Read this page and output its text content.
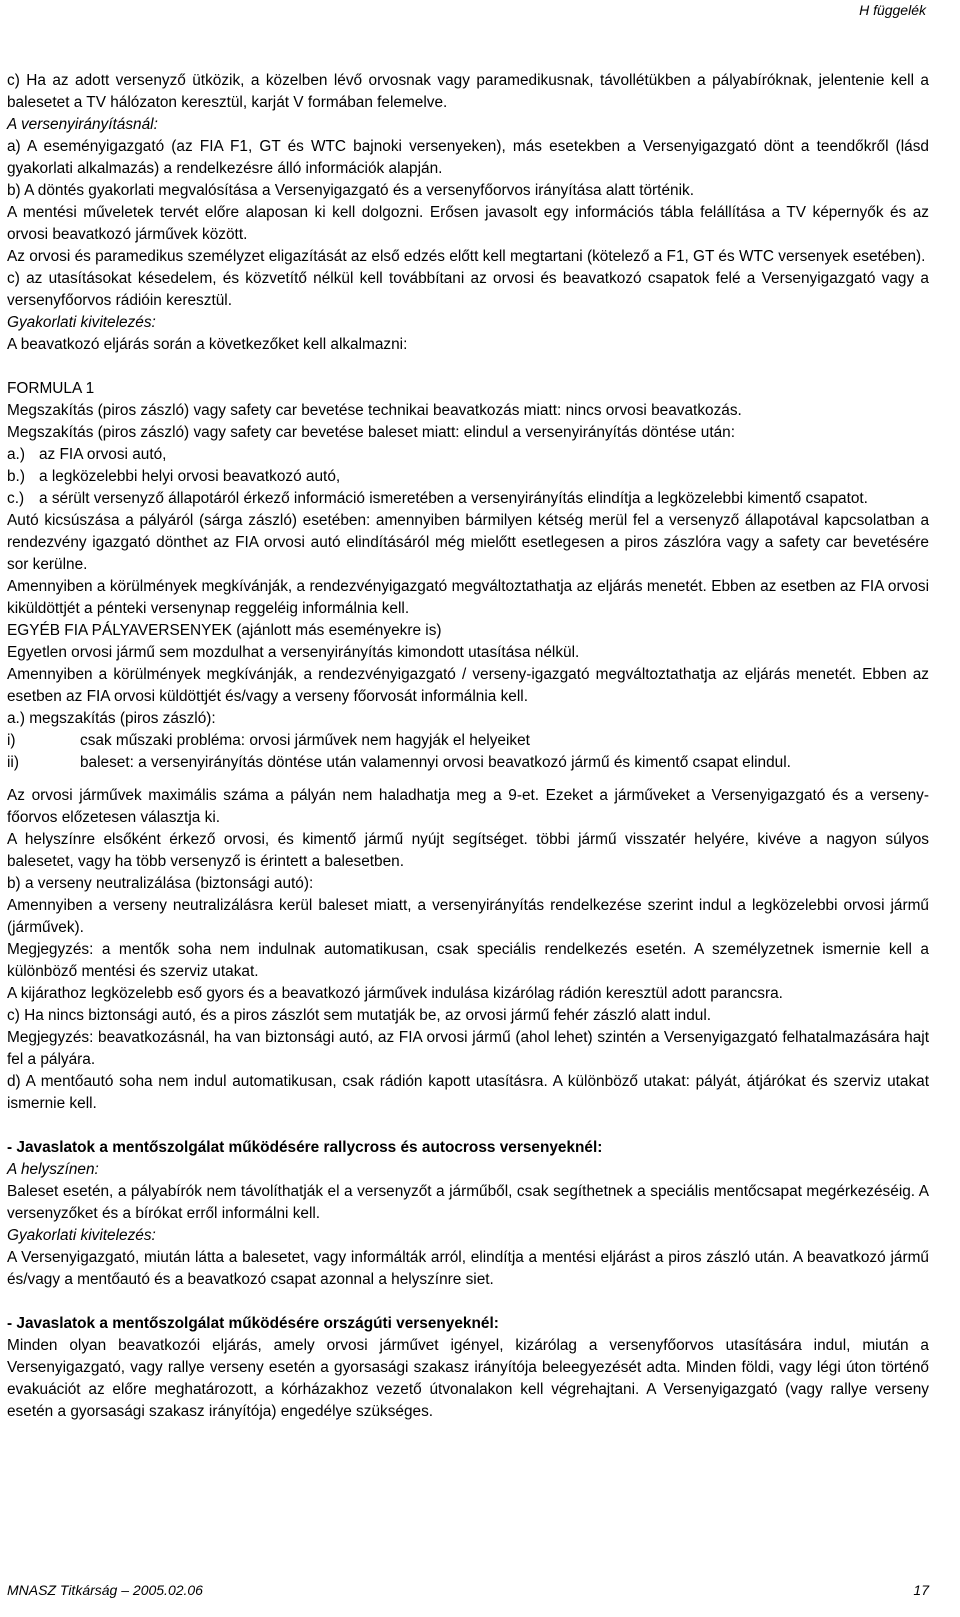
H függelék

c) Ha az adott versenyző ütközik, a közelben lévő orvosnak vagy paramedikusnak, távollétükben a pályabíróknak, jelentenie kell a balesetet a TV hálózaton keresztül, karját V formában felemelve.

A versenyirányításnál:

a) A eseményigazgató (az FIA F1, GT és WTC bajnoki versenyeken), más esetekben a Versenyigazgató dönt a teendőkről (lásd gyakorlati alkalmazás) a rendelkezésre álló információk alapján.

b) A döntés gyakorlati megvalósítása a Versenyigazgató és a versenyfőorvos irányítása alatt történik.

A mentési műveletek tervét előre alaposan ki kell dolgozni. Erősen javasolt egy információs tábla felállítása a TV képernyők és az orvosi beavatkozó járművek között.

Az orvosi és paramedikus személyzet eligazítását az első edzés előtt kell megtartani (kötelező a F1, GT és WTC versenyek esetében).

c) az utasításokat késedelem, és közvetítő nélkül kell továbbítani az orvosi és beavatkozó csapatok felé a Versenyigazgató vagy a versenyfőorvos rádióin keresztül.

Gyakorlati kivitelezés:

A beavatkozó eljárás során a következőket kell alkalmazni:

FORMULA 1

Megszakítás (piros zászló) vagy safety car bevetése technikai beavatkozás miatt: nincs orvosi beavatkozás.

Megszakítás (piros zászló) vagy safety car bevetése baleset miatt: elindul a versenyirányítás döntése után:

a.) az FIA orvosi autó,
b.) a legközelebbi helyi orvosi beavatkozó autó,
c.) a sérült versenyző állapotáról érkező információ ismeretében a versenyirányítás elindítja a legközelebbi kimentő csapatot.

Autó kicsúszása a pályáról (sárga zászló) esetében: amennyiben bármilyen kétség merül fel a versenyző állapotával kapcsolatban a rendezvény igazgató dönthet az FIA orvosi autó elindításáról még mielőtt esetlegesen a piros zászlóra vagy a safety car bevetésére sor kerülne.

Amennyiben a körülmények megkívánják, a rendezvényigazgató megváltoztathatja az eljárás menetét. Ebben az esetben az FIA orvosi kiküldöttjét a pénteki versenynap reggeléig informálnia kell.

EGYÉB FIA PÁLYAVERSENYEK (ajánlott más eseményekre is)

Egyetlen orvosi jármű sem mozdulhat a versenyirányítás kimondott utasítása nélkül.

Amennyiben a körülmények megkívánják, a rendezvényigazgató / verseny-igazgató megváltoztathatja az eljárás menetét. Ebben az esetben az FIA orvosi küldöttjét és/vagy a verseny főorvosát informálnia kell.

a.) megszakítás (piros zászló):

i)	csak műszaki probléma: orvosi járművek nem hagyják el helyeiket
ii)	baleset: a versenyirányítás döntése után valamennyi orvosi beavatkozó jármű és kimentő csapat elindul.

Az orvosi járművek maximális száma a pályán nem haladhatja meg a 9-et. Ezeket a járműveket a Versenyigazgató és a verseny-főorvos előzetesen választja ki.

A helyszínre elsőként érkező orvosi, és kimentő jármű nyújt segítséget. többi jármű visszatér helyére, kivéve a nagyon súlyos balesetet, vagy ha több versenyző is érintett a balesetben.

b) a verseny neutralizálása (biztonsági autó):

Amennyiben a verseny neutralizálásra kerül baleset miatt, a versenyirányítás rendelkezése szerint indul a legközelebbi orvosi jármű (járművek).

Megjegyzés: a mentők soha nem indulnak automatikusan, csak speciális rendelkezés esetén. A személyzetnek ismernie kell a különböző mentési és szerviz utakat.

A kijárathoz legközelebb eső gyors és a beavatkozó járművek indulása kizárólag rádión keresztül adott parancsra.

c) Ha nincs biztonsági autó, és a piros zászlót sem mutatják be, az orvosi jármű fehér zászló alatt indul.

Megjegyzés: beavatkozásnál, ha van biztonsági autó, az FIA orvosi jármű (ahol lehet) szintén a Versenyigazgató felhatalmazására hajt fel a pályára.

d) A mentőautó soha nem indul automatikusan, csak rádión kapott utasításra. A különböző utakat: pályát, átjárókat és szerviz utakat ismernie kell.

- Javaslatok a mentőszolgálat működésére rallycross és autocross versenyeknél:

A helyszínen:

Baleset esetén, a pályabírók nem távolíthatják el a versenyzőt a járműből, csak segíthetnek a speciális mentőcsapat megérkezéséig. A versenyzőket és a bírókat erről informálni kell.

Gyakorlati kivitelezés:

A Versenyigazgató, miután látta a balesetet, vagy informálták arról, elindítja a mentési eljárást a piros zászló után. A beavatkozó jármű és/vagy a mentőautó és a beavatkozó csapat azonnal a helyszínre siet.

- Javaslatok a mentőszolgálat működésére országúti versenyeknél:

Minden olyan beavatkozói eljárás, amely orvosi járművet igényel, kizárólag a versenyfőorvos utasítására indul, miután a Versenyigazgató, vagy rallye verseny esetén a gyorsasági szakasz irányítója beleegyezését adta. Minden földi, vagy légi úton történő evakuációt az előre meghatározott, a kórházakhoz vezető útvonalakon kell végrehajtani. A Versenyigazgató (vagy rallye verseny esetén a gyorsasági szakasz irányítója) engedélye szükséges.

MNASZ Titkárság – 2005.02.06	17
